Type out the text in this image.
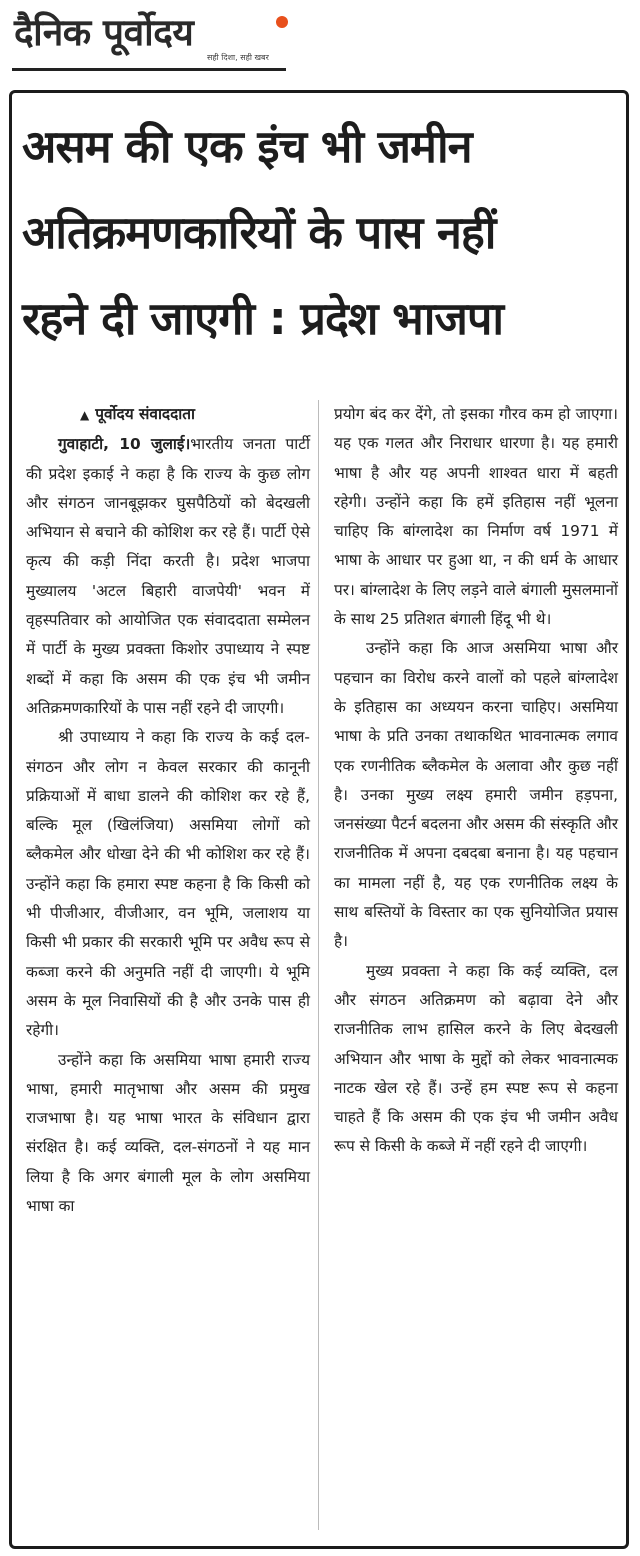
दैनिक पूर्वोदय
सही दिशा, सही खबर
असम की एक इंच भी जमीन
अतिक्रमणकारियों के पास नहीं
रहने दी जाएगी : प्रदेश भाजपा

▲ पूर्वोदय संवाददाता

गुवाहाटी, 10 जुलाई।भारतीय जनता पार्टी की प्रदेश इकाई ने कहा है कि राज्य के कुछ लोग और संगठन जानबूझकर घुसपैठियों को बेदखली अभियान से बचाने की कोशिश कर रहे हैं। पार्टी ऐसे कृत्य की कड़ी निंदा करती है। प्रदेश भाजपा मुख्यालय 'अटल बिहारी वाजपेयी' भवन में वृहस्पतिवार को आयोजित एक संवाददाता सम्मेलन में पार्टी के मुख्य प्रवक्ता किशोर उपाध्याय ने स्पष्ट शब्दों में कहा कि असम की एक इंच भी जमीन अतिक्रमणकारियों के पास नहीं रहने दी जाएगी।

श्री उपाध्याय ने कहा कि राज्य के कई दल-संगठन और लोग न केवल सरकार की कानूनी प्रक्रियाओं में बाधा डालने की कोशिश कर रहे हैं, बल्कि मूल (खिलंजिया) असमिया लोगों को ब्लैकमेल और धोखा देने की भी कोशिश कर रहे हैं। उन्होंने कहा कि हमारा स्पष्ट कहना है कि किसी को भी पीजीआर, वीजीआर, वन भूमि, जलाशय या किसी भी प्रकार की सरकारी भूमि पर अवैध रूप से कब्जा करने की अनुमति नहीं दी जाएगी। ये भूमि असम के मूल निवासियों की है और उनके पास ही रहेगी।

उन्होंने कहा कि असमिया भाषा हमारी राज्य भाषा, हमारी मातृभाषा और असम की प्रमुख राजभाषा है। यह भाषा भारत के संविधान द्वारा संरक्षित है। कई व्यक्ति, दल-संगठनों ने यह मान लिया है कि अगर बंगाली मूल के लोग असमिया भाषा का

प्रयोग बंद कर देंगे, तो इसका गौरव कम हो जाएगा। यह एक गलत और निराधार धारणा है। यह हमारी भाषा है और यह अपनी शाश्वत धारा में बहती रहेगी। उन्होंने कहा कि हमें इतिहास नहीं भूलना चाहिए कि बांग्लादेश का निर्माण वर्ष 1971 में भाषा के आधार पर हुआ था, न की धर्म के आधार पर। बांग्लादेश के लिए लड़ने वाले बंगाली मुसलमानों के साथ 25 प्रतिशत बंगाली हिंदू भी थे।

उन्होंने कहा कि आज असमिया भाषा और पहचान का विरोध करने वालों को पहले बांग्लादेश के इतिहास का अध्ययन करना चाहिए। असमिया भाषा के प्रति उनका तथाकथित भावनात्मक लगाव एक रणनीतिक ब्लैकमेल के अलावा और कुछ नहीं है। उनका मुख्य लक्ष्य हमारी जमीन हड़पना, जनसंख्या पैटर्न बदलना और असम की संस्कृति और राजनीतिक में अपना दबदबा बनाना है। यह पहचान का मामला नहीं है, यह एक रणनीतिक लक्ष्य के साथ बस्तियों के विस्तार का एक सुनियोजित प्रयास है।

मुख्य प्रवक्ता ने कहा कि कई व्यक्ति, दल और संगठन अतिक्रमण को बढ़ावा देने और राजनीतिक लाभ हासिल करने के लिए बेदखली अभियान और भाषा के मुद्दों को लेकर भावनात्मक नाटक खेल रहे हैं। उन्हें हम स्पष्ट रूप से कहना चाहते हैं कि असम की एक इंच भी जमीन अवैध रूप से किसी के कब्जे में नहीं रहने दी जाएगी।
